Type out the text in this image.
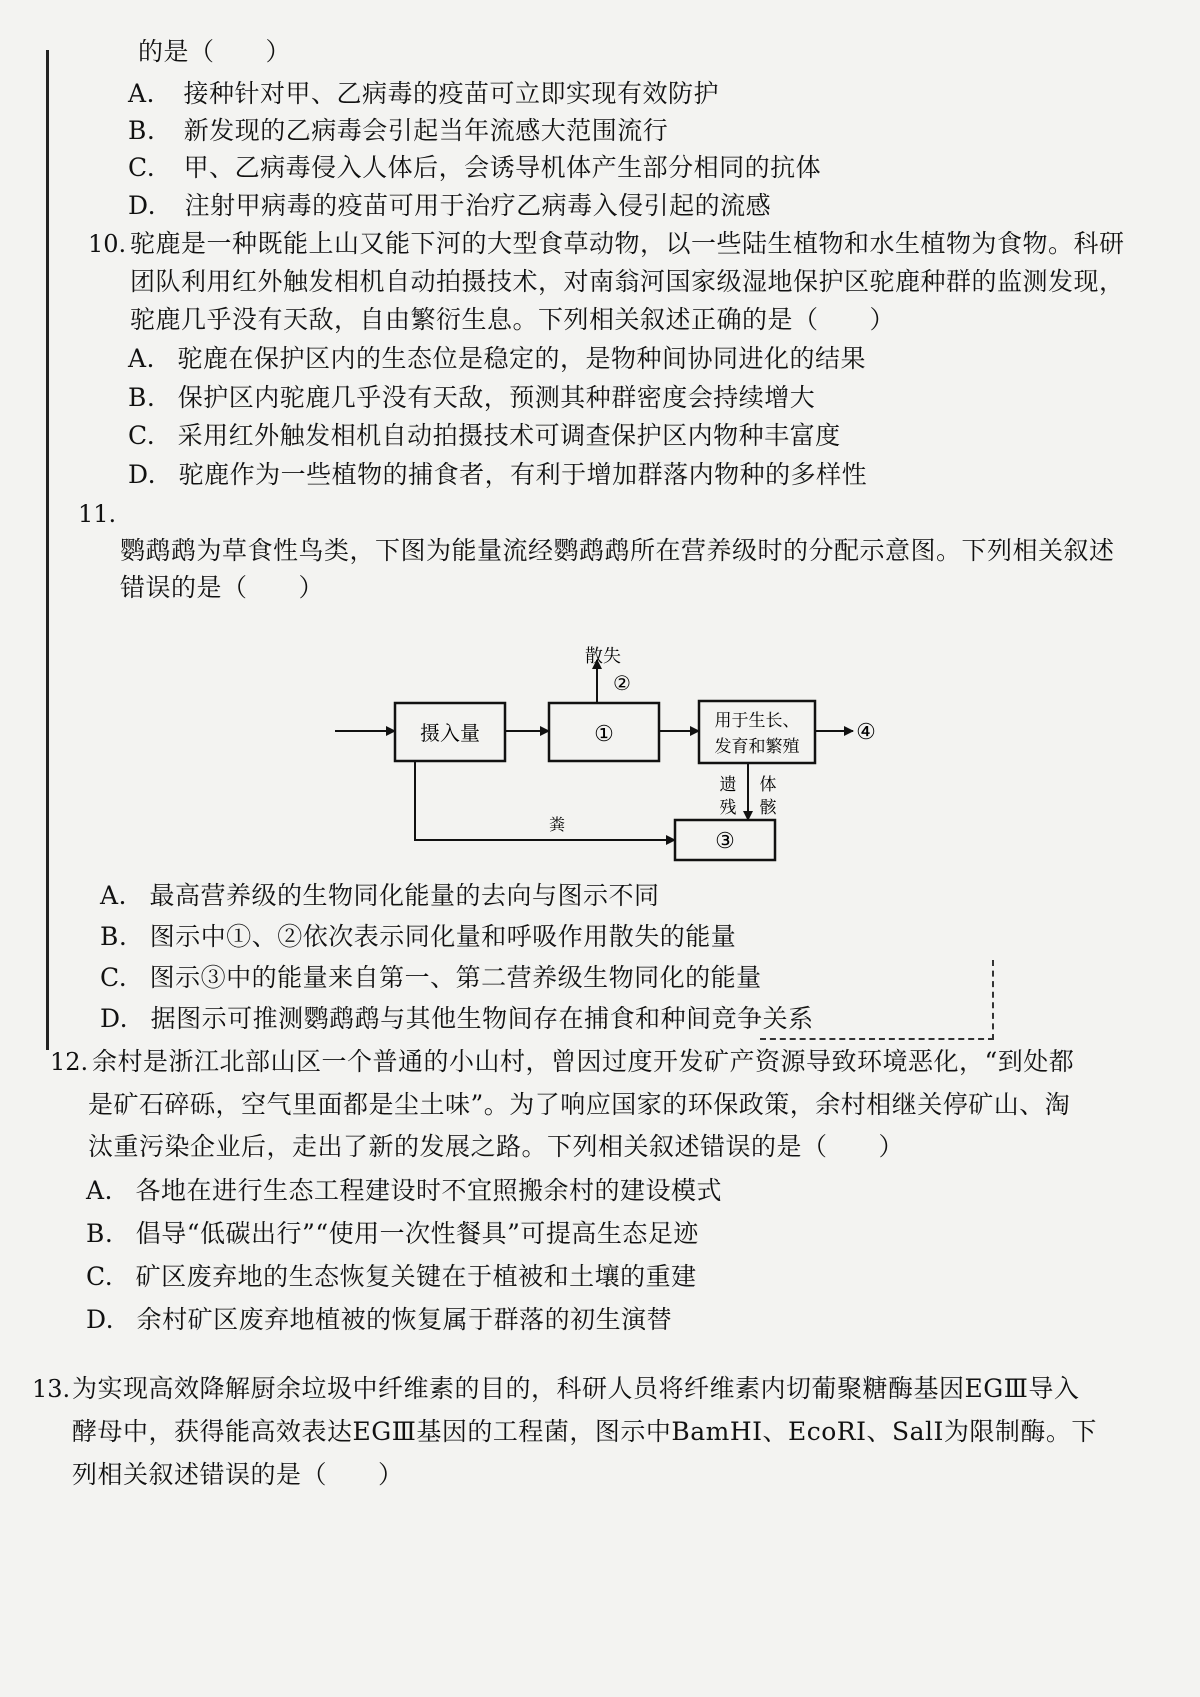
的是（　　）
A. 接种针对甲、乙病毒的疫苗可立即实现有效防护
B. 新发现的乙病毒会引起当年流感大范围流行
C. 甲、乙病毒侵入人体后，会诱导机体产生部分相同的抗体
D. 注射甲病毒的疫苗可用于治疗乙病毒入侵引起的流感
10. 驼鹿是一种既能上山又能下河的大型食草动物，以一些陆生植物和水生植物为食物。科研
团队利用红外触发相机自动拍摄技术，对南翁河国家级湿地保护区驼鹿种群的监测发现，
驼鹿几乎没有天敌，自由繁衍生息。下列相关叙述正确的是（　　）
A. 驼鹿在保护区内的生态位是稳定的，是物种间协同进化的结果
B. 保护区内驼鹿几乎没有天敌，预测其种群密度会持续增大
C. 采用红外触发相机自动拍摄技术可调查保护区内物种丰富度
D. 驼鹿作为一些植物的捕食者，有利于增加群落内物种的多样性
11.
鹦鹉鹉为草食性鸟类，下图为能量流经鹦鹉鹉所在营养级时的分配示意图。下列相关叙述
错误的是（　　）
摄入量	①
②
散失
用于生长、
发育和繁殖
④
遗
残
体
骸
③
粪
A. 最高营养级的生物同化能量的去向与图示不同
B. 图示中①、②依次表示同化量和呼吸作用散失的能量
C. 图示③中的能量来自第一、第二营养级生物同化的能量
D. 据图示可推测鹦鹉鹉与其他生物间存在捕食和种间竞争关系
12. 余村是浙江北部山区一个普通的小山村，曾因过度开发矿产资源导致环境恶化，“到处都
是矿石碎砾，空气里面都是尘土味”。为了响应国家的环保政策，余村相继关停矿山、淘
汰重污染企业后，走出了新的发展之路。下列相关叙述错误的是（　　）
A. 各地在进行生态工程建设时不宜照搬余村的建设模式
B. 倡导“低碳出行”“使用一次性餐具”可提高生态足迹
C. 矿区废弃地的生态恢复关键在于植被和土壤的重建
D. 余村矿区废弃地植被的恢复属于群落的初生演替
13. 为实现高效降解厨余垃圾中纤维素的目的，科研人员将纤维素内切葡聚糖酶基因EGⅢ导入
酵母中，获得能高效表达EGⅢ基因的工程菌，图示中BamHⅠ、EcoRⅠ、SalⅠ为限制酶。下
列相关叙述错误的是（　　）
